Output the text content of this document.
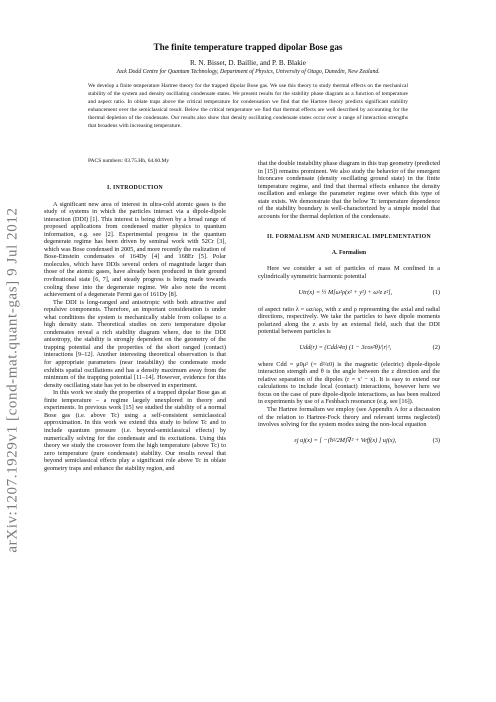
arXiv:1207.1929v1 [cond-mat.quant-gas] 9 Jul 2012
The finite temperature trapped dipolar Bose gas
R. N. Bisset, D. Baillie, and P. B. Blakie
Jack Dodd Centre for Quantum Technology, Department of Physics, University of Otago, Dunedin, New Zealand.
We develop a finite temperature Hartree theory for the trapped dipolar Bose gas. We use this theory to study thermal effects on the mechanical stability of the system and density oscillating condensate states. We present results for the stability phase diagram as a function of temperature and aspect ratio. In oblate traps above the critical temperature for condensation we find that the Hartree theory predicts significant stability enhancement over the semiclassical result. Below the critical temperature we find that thermal effects are well described by accounting for the thermal depletion of the condensate. Our results also show that density oscillating condensate states occur over a range of interaction strengths that broadens with increasing temperature.
PACS numbers: 03.75.Hh, 64.60.My
I. INTRODUCTION

A significant new area of interest in ultra-cold atomic gases is the study of systems in which the particles interact via a dipole-dipole interaction (DDI) [1]. This interest is being driven by a broad range of proposed applications from condensed matter physics to quantum information, e.g. see [2]. Experimental progress in the quantum degenerate regime has been driven by seminal work with 52Cr [3], which was Bose condensed in 2005, and more recently the realization of Bose-Einstein condensates of 164Dy [4] and 168Er [5]. Polar molecules, which have DDIs several orders of magnitude larger than those of the atomic gases, have already been produced in their ground rovibrational state [6, 7], and steady progress is being made towards cooling these into the degenerate regime. We also note the recent achievement of a degenerate Fermi gas of 161Dy [8].

The DDI is long-ranged and anisotropic with both attractive and repulsive components. Therefore, an important consideration is under what conditions the system is mechanically stable from collapse to a high density state. Theoretical studies on zero temperature dipolar condensates reveal a rich stability diagram where, due to the DDI anisotropy, the stability is strongly dependent on the geometry of the trapping potential and the properties of the short ranged (contact) interactions [9–12]. Another interesting theoretical observation is that for appropriate parameters (near instability) the condensate mode exhibits spatial oscillations and has a density maximum away from the minimum of the trapping potential [11–14]. However, evidence for this density oscillating state has yet to be observed in experiment.

In this work we study the properties of a trapped dipolar Bose gas at finite temperature – a regime largely unexplored in theory and experiments. In previous work [15] we studied the stability of a normal Bose gas (i.e. above Tc) using a self-consistent semiclassical approximation. In this work we extend this study to below Tc and to include quantum pressure (i.e. beyond-semiclassical effects) by numerically solving for the condensate and its excitations. Using this theory we study the crossover from the high temperature (above Tc) to zero temperature (pure condensate) stability. Our results reveal that beyond semiclassical effects play a significant role above Tc in oblate geometry traps and enhance the stability region, and

that the double instability phase diagram in this trap geometry (predicted in [15]) remains prominent. We also study the behavior of the emergent biconcave condensate (density oscillating ground state) in the finite temperature regime, and find that thermal effects enhance the density oscillation and enlarge the parameter regime over which this type of state exists. We demonstrate that the below Tc temperature dependence of the stability boundary is well-characterized by a simple model that accounts for the thermal depletion of the condensate.

II. FORMALISM AND NUMERICAL IMPLEMENTATION
A. Formalism

Here we consider a set of particles of mass M confined in a cylindrically symmetric harmonic potential

Utr(x) = ½ M[ω²ρ(x² + y²) + ω²z z²],	(1)

of aspect ratio λ = ωz/ωρ, with z and ρ representing the axial and radial directions, respectively. We take the particles to have dipole moments polarized along the z axis by an external field, such that the DDI potential between particles is

Udd(r) = (Cdd/4π) (1 − 3cos²θ)/|r|³,	(2)

where Cdd = μ0μ² (= d²/ε0) is the magnetic (electric) dipole-dipole interaction strength and θ is the angle between the z direction and the relative separation of the dipoles (r = x′ − x). It is easy to extend our calculations to include local (contact) interactions, however here we focus on the case of pure dipole-dipole interactions, as has been realized in experiments by use of a Feshbach resonance (e.g. see [16]).

The Hartree formalism we employ (see Appendix A for a discussion of the relation to Hartree-Fock theory and relevant terms neglected) involves solving for the system modes using the non-local equation

εj uj(x) = [ −(ħ²/2M)∇² + Veff(x) ] uj(x),	(3)
